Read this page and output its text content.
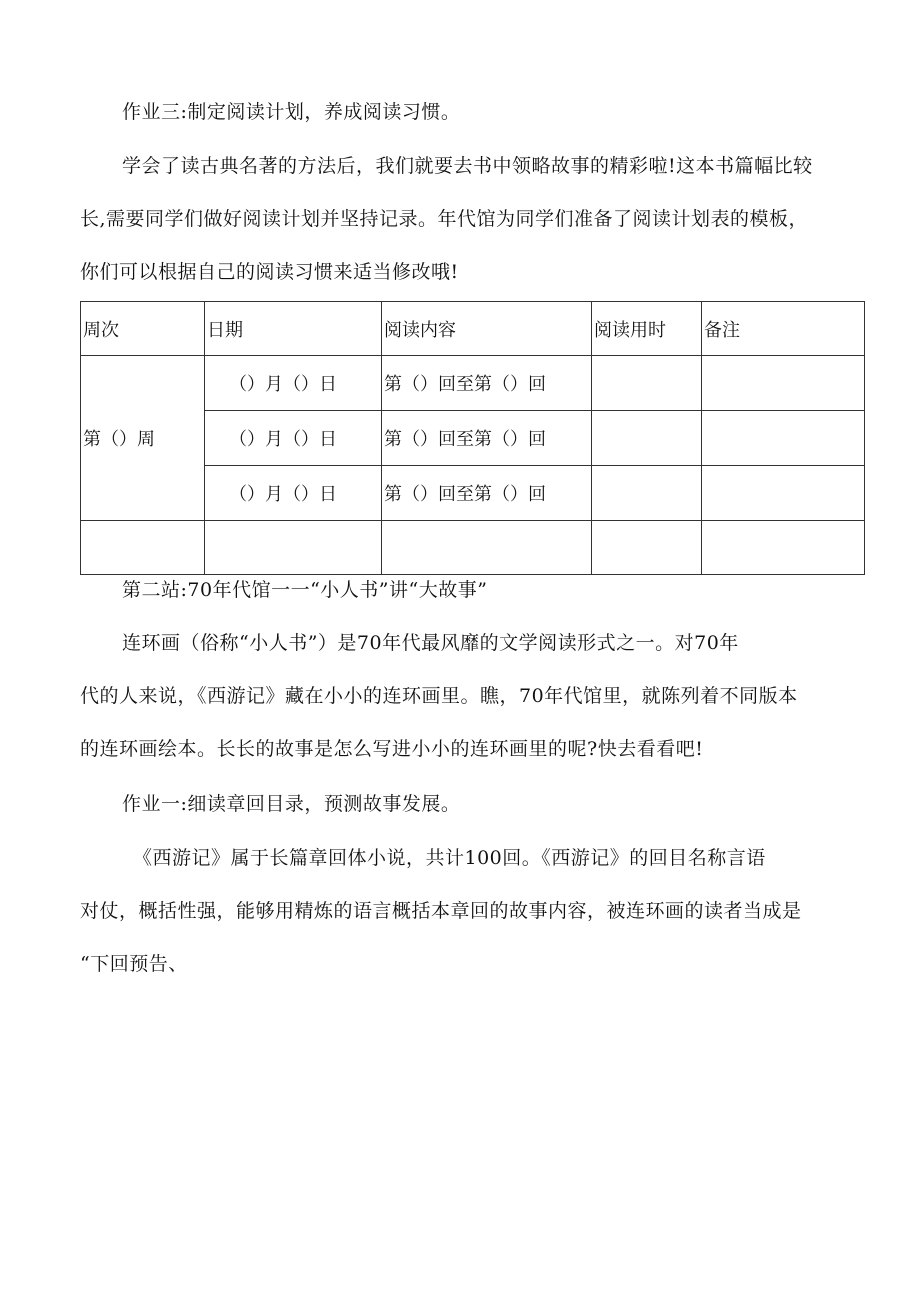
作业三:制定阅读计划，养成阅读习惯。
学会了读古典名著的方法后，我们就要去书中领略故事的精彩啦!这本书篇幅比较
长,需要同学们做好阅读计划并坚持记录。年代馆为同学们准备了阅读计划表的模板，
你们可以根据自己的阅读习惯来适当修改哦!
周次	日期	阅读内容	阅读用时	备注
第（）周	（）月（）日	第（）回至第（）回		
	（）月（）日	第（）回至第（）回		
	（）月（）日	第（）回至第（）回		

第二站:70年代馆一一“小人书”讲“大故事”
连环画（俗称“小人书”）是70年代最风靡的文学阅读形式之一。对70年
代的人来说，《西游记》藏在小小的连环画里。瞧，70年代馆里，就陈列着不同版本
的连环画绘本。长长的故事是怎么写进小小的连环画里的呢?快去看看吧!
作业一:细读章回目录，预测故事发展。
《西游记》属于长篇章回体小说，共计100回。《西游记》的回目名称言语
对仗，概括性强，能够用精炼的语言概括本章回的故事内容，被连环画的读者当成是
“下回预告、
